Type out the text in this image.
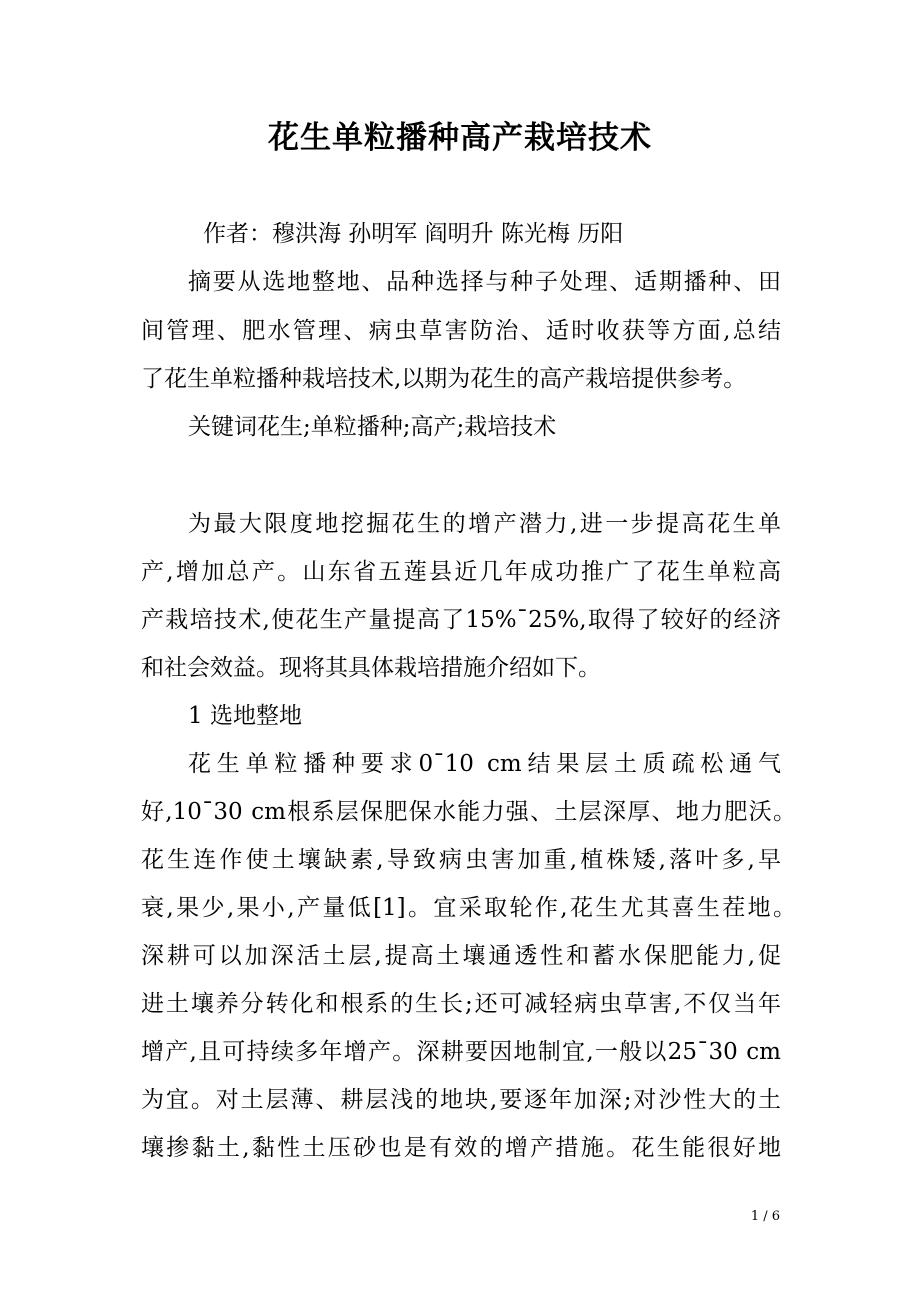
花生单粒播种高产栽培技术

作者：穆洪海 孙明军 阎明升 陈光梅 历阳

摘要从选地整地、品种选择与种子处理、适期播种、田

间管理、肥水管理、病虫草害防治、适时收获等方面,总结

了花生单粒播种栽培技术,以期为花生的高产栽培提供参考。

关键词花生;单粒播种;高产;栽培技术

为最大限度地挖掘花生的增产潜力,进一步提高花生单

产,增加总产。山东省五莲县近几年成功推广了花生单粒高

产栽培技术,使花生产量提高了15%¯25%,取得了较好的经济

和社会效益。现将其具体栽培措施介绍如下。

1 选地整地

花生单粒播种要求0¯10 cm结果层土质疏松通气

好,10¯30 cm根系层保肥保水能力强、土层深厚、地力肥沃。

花生连作使土壤缺素,导致病虫害加重,植株矮,落叶多,早

衰,果少,果小,产量低[1]。宜采取轮作,花生尤其喜生茬地。

深耕可以加深活土层,提高土壤通透性和蓄水保肥能力,促

进土壤养分转化和根系的生长;还可减轻病虫草害,不仅当年

增产,且可持续多年增产。深耕要因地制宜,一般以25¯30 cm

为宜。对土层薄、耕层浅的地块,要逐年加深;对沙性大的土

壤掺黏土,黏性土压砂也是有效的增产措施。花生能很好地

1 / 6
